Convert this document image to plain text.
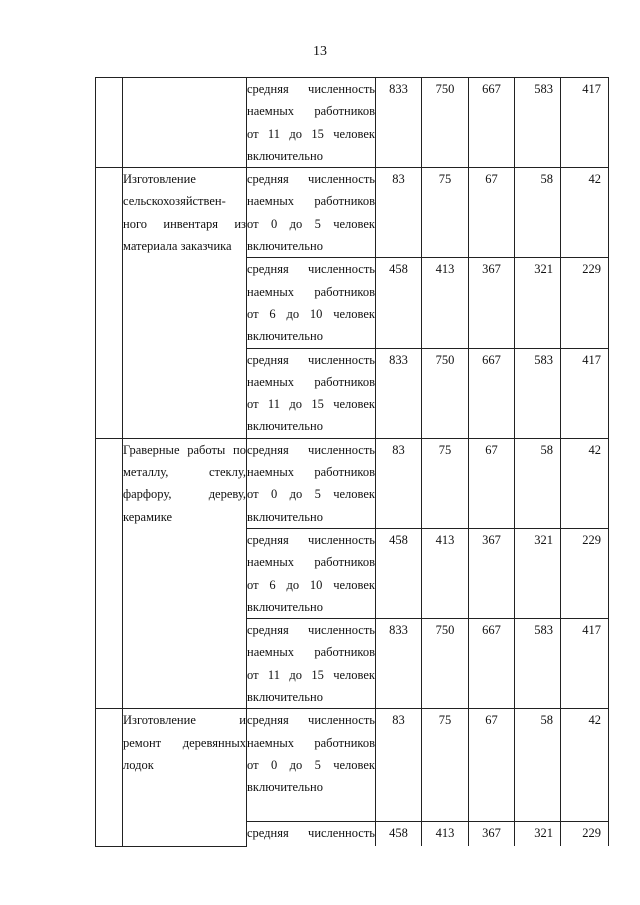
13

		средняя численность
наемных работников
от 11 до 15 человек
включительно	833	750	667	583	417
	Изготовление сельскохозяйствен-ного инвентаря из материала заказчика	средняя численность
наемных работников
от 0 до 5 человек
включительно	83	75	67	58	42

		средняя численность
наемных работников
от 6 до 10 человек
включительно	458	413	367	321	229

		средняя численность
наемных работников
от 11 до 15 человек
включительно	833	750	667	583	417
	Граверные работы по металлу, стеклу, фарфору, дереву, керамике	средняя численность
наемных работников
от 0 до 5 человек
включительно	83	75	67	58	42

		средняя численность
наемных работников
от 6 до 10 человек
включительно	458	413	367	321	229

		средняя численность
наемных работников
от 11 до 15 человек
включительно	833	750	667	583	417
	Изготовление и ремонт деревянных лодок	средняя численность
наемных работников
от 0 до 5 человек
включительно	83	75	67	58	42

		средняя численность	458	413	367	321	229
